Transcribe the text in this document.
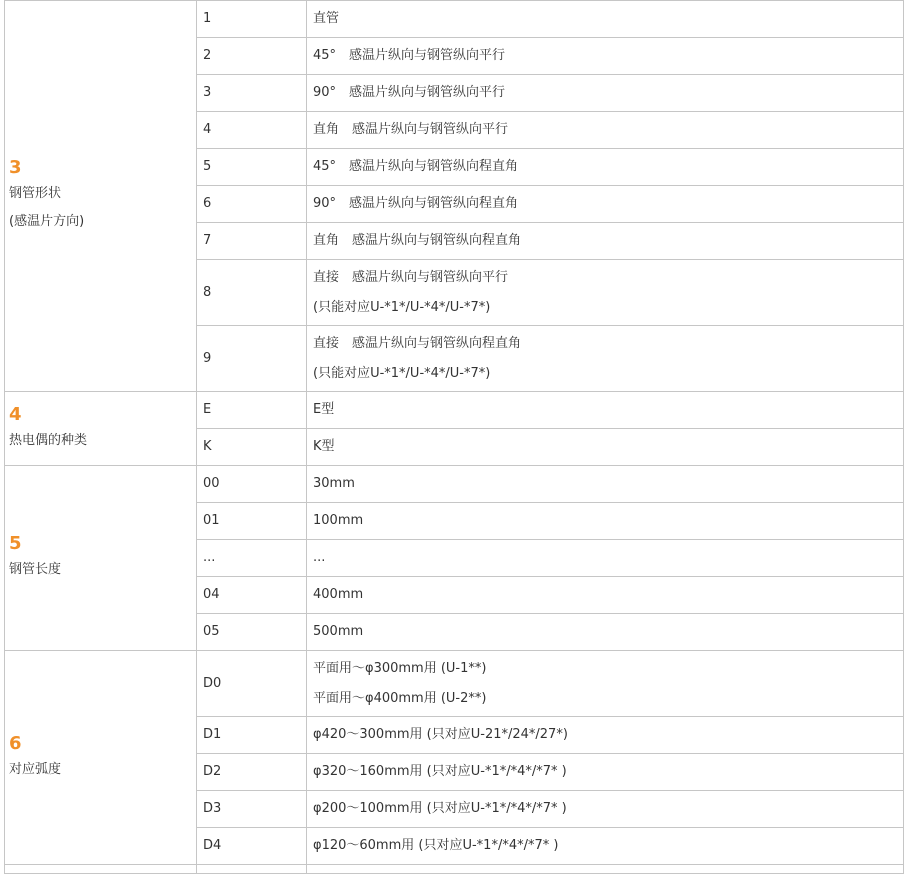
3
钢管形状
(感温片方向)	1	直管

	2	45°　感温片纵向与钢管纵向平行

	3	90°　感温片纵向与钢管纵向平行

	4	直角　感温片纵向与钢管纵向平行

	5	45°　感温片纵向与钢管纵向程直角

	6	90°　感温片纵向与钢管纵向程直角

	7	直角　感温片纵向与钢管纵向程直角

	8	直接　感温片纵向与钢管纵向平行
(只能对应U-*1*/U-*4*/U-*7*)

	9	直接　感温片纵向与钢管纵向程直角
(只能对应U-*1*/U-*4*/U-*7*)

4
热电偶的种类	E	E型

	K	K型

5
钢管长度	00	30mm

	01	100mm

	...	...

	04	400mm

	05	500mm

6
对应弧度	D0	平面用～φ300mm用 (U-1**)
平面用～φ400mm用 (U-2**)

	D1	φ420～300mm用 (只对应U-21*/24*/27*)

	D2	φ320～160mm用 (只对应U-*1*/*4*/*7* )

	D3	φ200～100mm用 (只对应U-*1*/*4*/*7* )

	D4	φ120～60mm用 (只对应U-*1*/*4*/*7* )
